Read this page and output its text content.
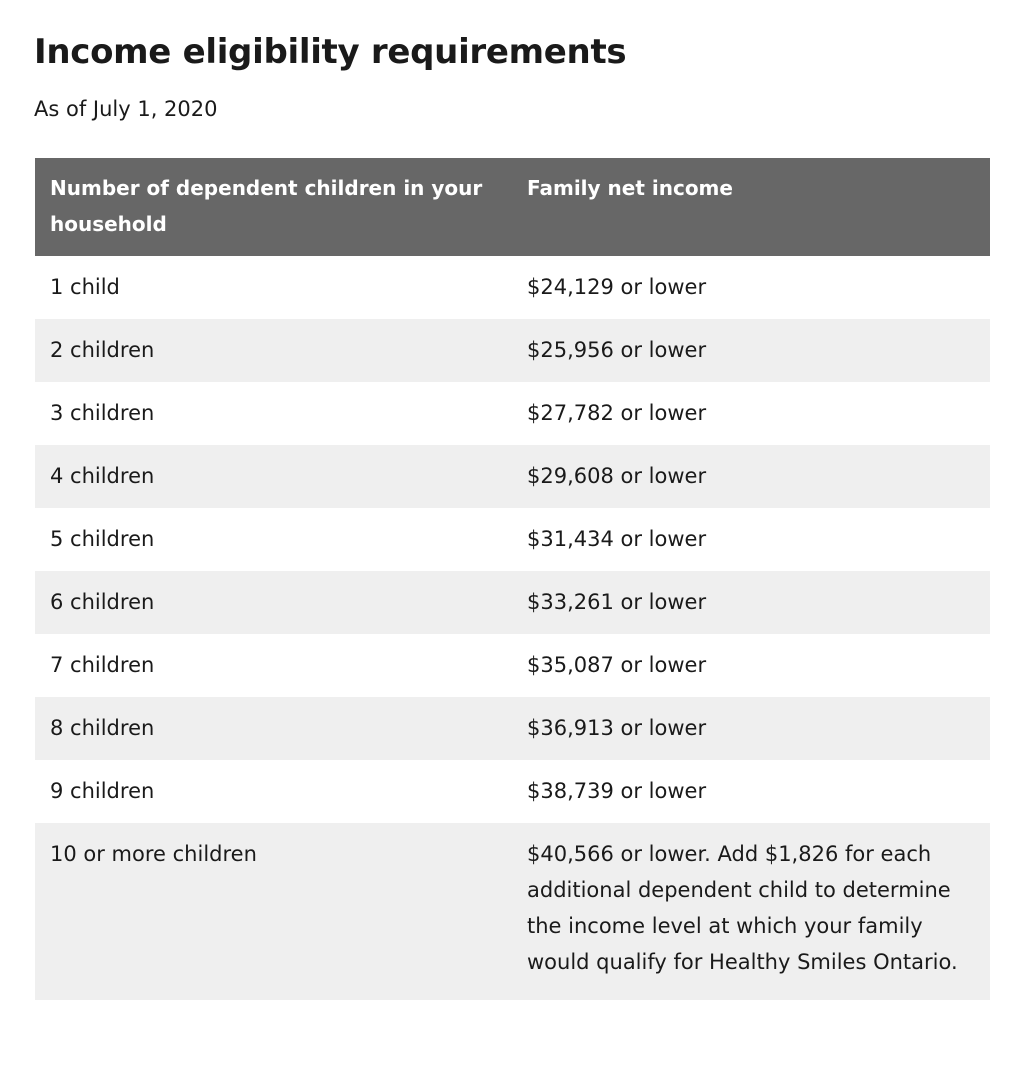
Income eligibility requirements

As of July 1, 2020

Number of dependent children in your household	Family net income
1 child	$24,129 or lower
2 children	$25,956 or lower
3 children	$27,782 or lower
4 children	$29,608 or lower
5 children	$31,434 or lower
6 children	$33,261 or lower
7 children	$35,087 or lower
8 children	$36,913 or lower
9 children	$38,739 or lower
10 or more children	$40,566 or lower. Add $1,826 for each additional dependent child to determine the income level at which your family would qualify for Healthy Smiles Ontario.
